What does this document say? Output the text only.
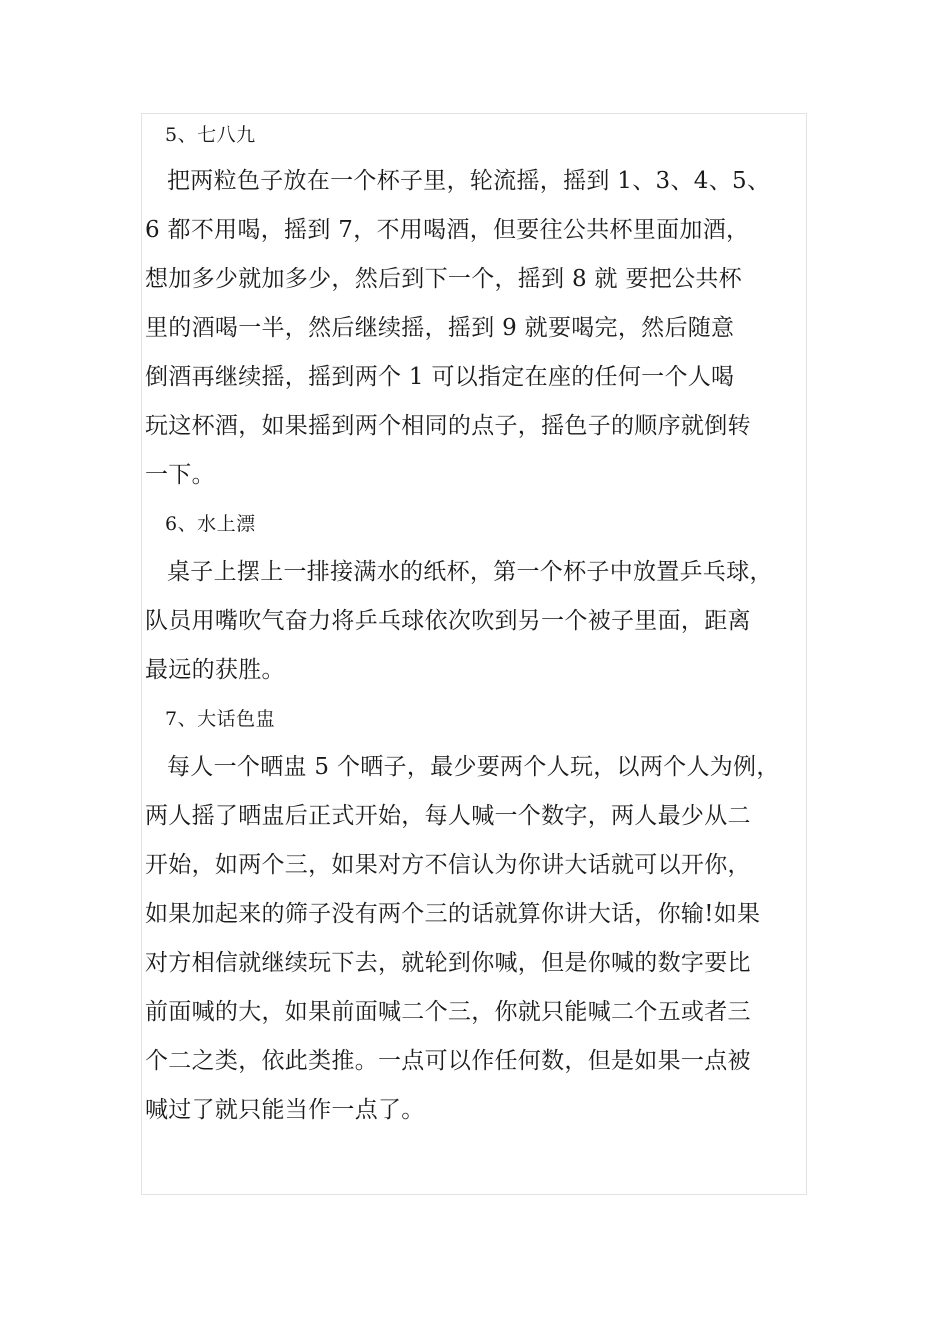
5、七八九
把两粒色子放在一个杯子里，轮流摇，摇到 1、3、4、5、
6 都不用喝，摇到 7，不用喝酒，但要往公共杯里面加酒，
想加多少就加多少，然后到下一个，摇到 8 就 要把公共杯
里的酒喝一半，然后继续摇，摇到 9 就要喝完，然后随意
倒酒再继续摇，摇到两个 1 可以指定在座的任何一个人喝
玩这杯酒，如果摇到两个相同的点子，摇色子的顺序就倒转
一下。
6、水上漂
桌子上摆上一排接满水的纸杯，第一个杯子中放置乒乓球，
队员用嘴吹气奋力将乒乓球依次吹到另一个被子里面，距离
最远的获胜。
7、大话色盅
每人一个晒盅 5 个晒子，最少要两个人玩，以两个人为例，
两人摇了晒盅后正式开始，每人喊一个数字，两人最少从二
开始，如两个三，如果对方不信认为你讲大话就可以开你，
如果加起来的筛子没有两个三的话就算你讲大话，你输!如果
对方相信就继续玩下去，就轮到你喊，但是你喊的数字要比
前面喊的大，如果前面喊二个三，你就只能喊二个五或者三
个二之类，依此类推。一点可以作任何数，但是如果一点被
喊过了就只能当作一点了。
